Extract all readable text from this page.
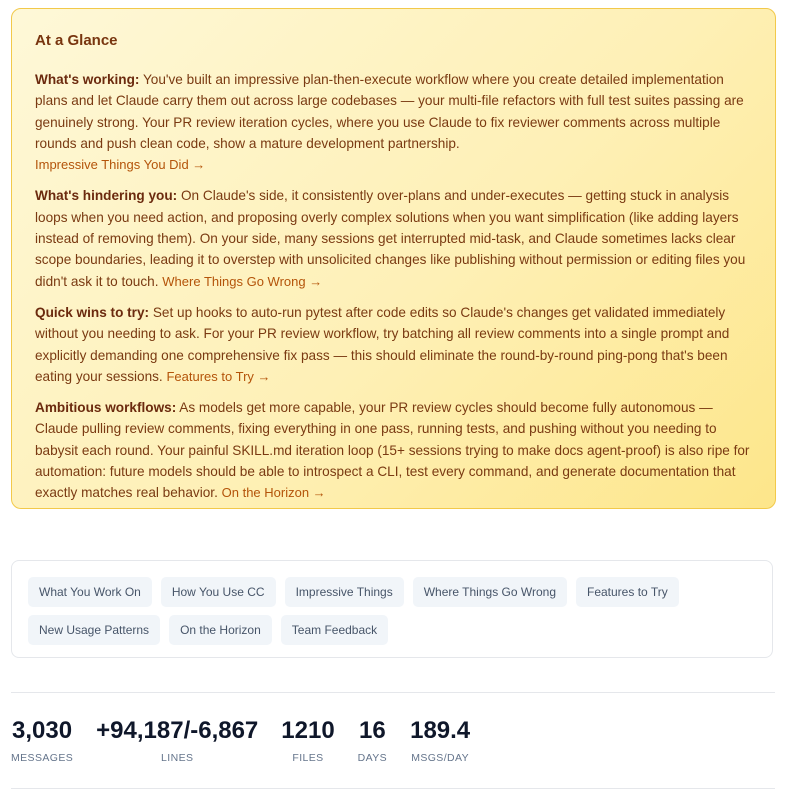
At a Glance

What's working: You've built an impressive plan-then-execute workflow where you create detailed implementation plans and let Claude carry them out across large codebases — your multi-file refactors with full test suites passing are genuinely strong. Your PR review iteration cycles, where you use Claude to fix reviewer comments across multiple rounds and push clean code, show a mature development partnership.
Impressive Things You Did →

What's hindering you: On Claude's side, it consistently over-plans and under-executes — getting stuck in analysis loops when you need action, and proposing overly complex solutions when you want simplification (like adding layers instead of removing them). On your side, many sessions get interrupted mid-task, and Claude sometimes lacks clear scope boundaries, leading it to overstep with unsolicited changes like publishing without permission or editing files you didn't ask it to touch. Where Things Go Wrong →

Quick wins to try: Set up hooks to auto-run pytest after code edits so Claude's changes get validated immediately without you needing to ask. For your PR review workflow, try batching all review comments into a single prompt and explicitly demanding one comprehensive fix pass — this should eliminate the round-by-round ping-pong that's been eating your sessions. Features to Try →

Ambitious workflows: As models get more capable, your PR review cycles should become fully autonomous — Claude pulling review comments, fixing everything in one pass, running tests, and pushing without you needing to babysit each round. Your painful SKILL.md iteration loop (15+ sessions trying to make docs agent-proof) is also ripe for automation: future models should be able to introspect a CLI, test every command, and generate documentation that exactly matches real behavior. On the Horizon →

What You Work On	How You Use CC	Impressive Things	Where Things Go Wrong	Features to Try
New Usage Patterns	On the Horizon	Team Feedback
3,030
MESSAGES
+94,187/-6,867
LINES
1210
FILES
16
DAYS
189.4
MSGS/DAY
